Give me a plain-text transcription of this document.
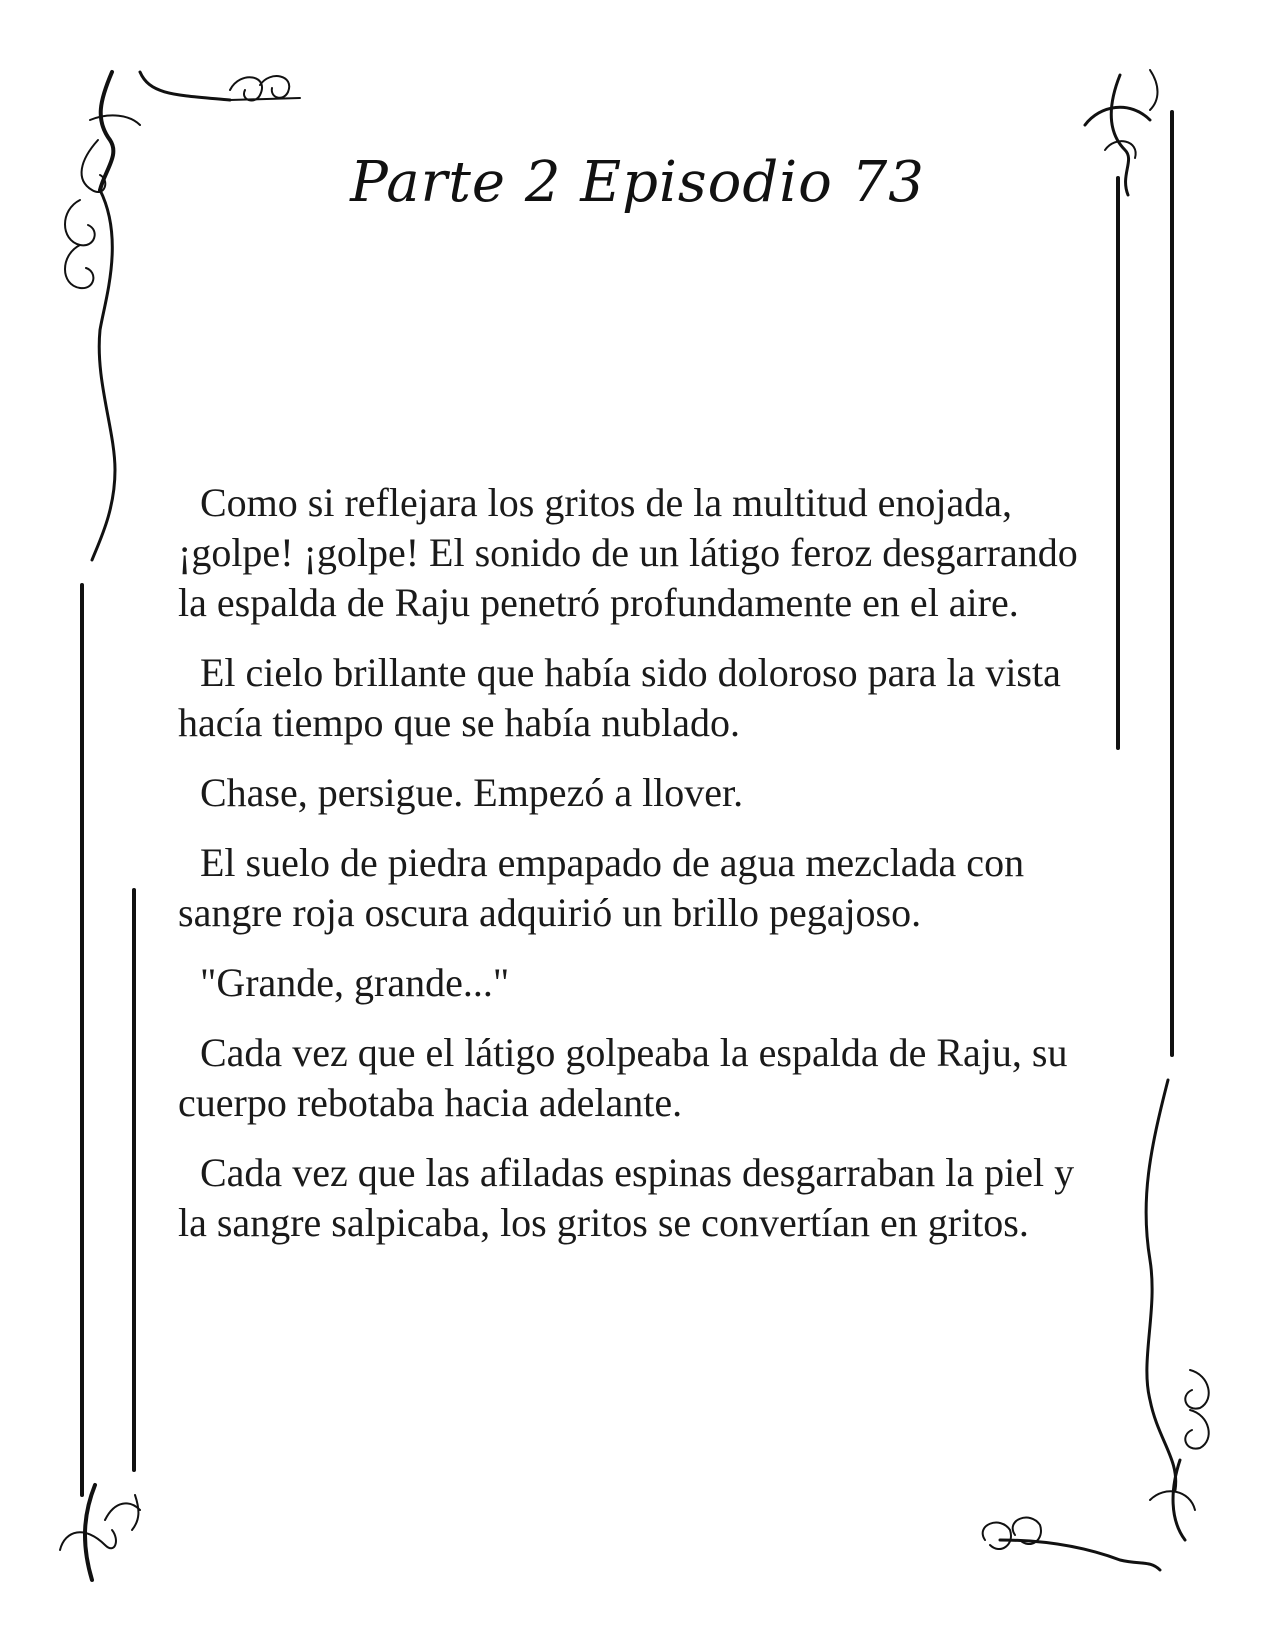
Parte 2 Episodio 73

Como si reflejara los gritos de la multitud enojada, ¡golpe! ¡golpe! El sonido de un látigo feroz desgarrando la espalda de Raju penetró profundamente en el aire.

El cielo brillante que había sido doloroso para la vista hacía tiempo que se había nublado.

Chase, persigue. Empezó a llover.

El suelo de piedra empapado de agua mezclada con sangre roja oscura adquirió un brillo pegajoso.

"Grande, grande..."

Cada vez que el látigo golpeaba la espalda de Raju, su cuerpo rebotaba hacia adelante.

Cada vez que las afiladas espinas desgarraban la piel y la sangre salpicaba, los gritos se convertían en gritos.
